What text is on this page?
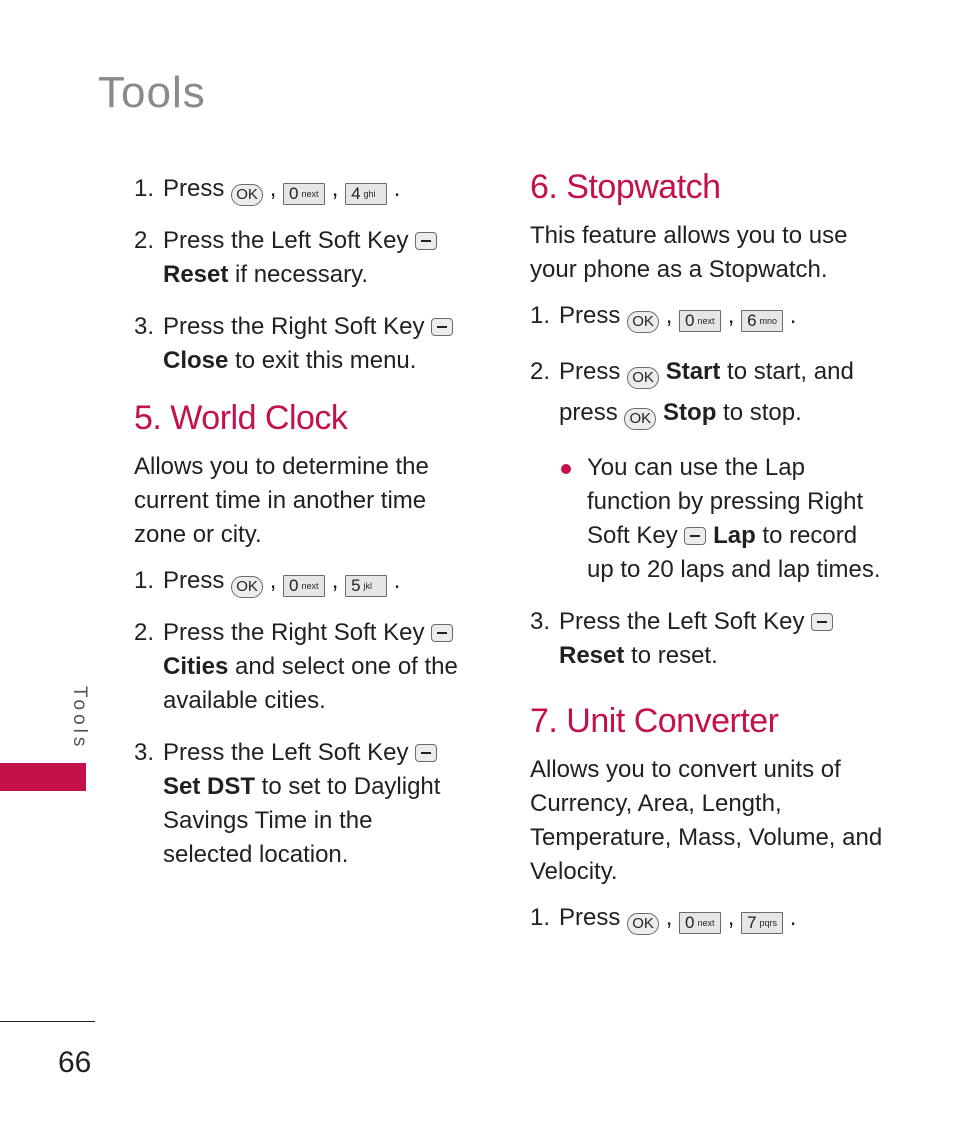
Tools
1. Press OK , 0 $^{next}$ , 4 $^{ghi}$ .
2. Press the Left Soft Key  Reset if necessary.
3. Press the Right Soft Key  Close to exit this menu.
5. World Clock

Allows you to determine the current time in another time zone or city.

1. Press OK , 0 $^{next}$ , 5 $^{jkl}$ .
2. Press the Right Soft Key  Cities and select one of the available cities.
3. Press the Left Soft Key  Set DST to set to Daylight Savings Time in the selected location.
6. Stopwatch

This feature allows you to use your phone as a Stopwatch.

1. Press OK , 0 $^{next}$ , 6 $^{mno}$ .
2. Press OK Start to start, and press OK Stop to stop.
You can use the Lap function by pressing Right Soft Key Lap to record up to 20 laps and lap times.
3. Press the Left Soft Key  Reset to reset.
7. Unit Converter

Allows you to convert units of Currency, Area, Length, Temperature, Mass, Volume, and Velocity.

1. Press OK , 0 $^{next}$ , 7 $^{pqrs}$ .
Tools
66
